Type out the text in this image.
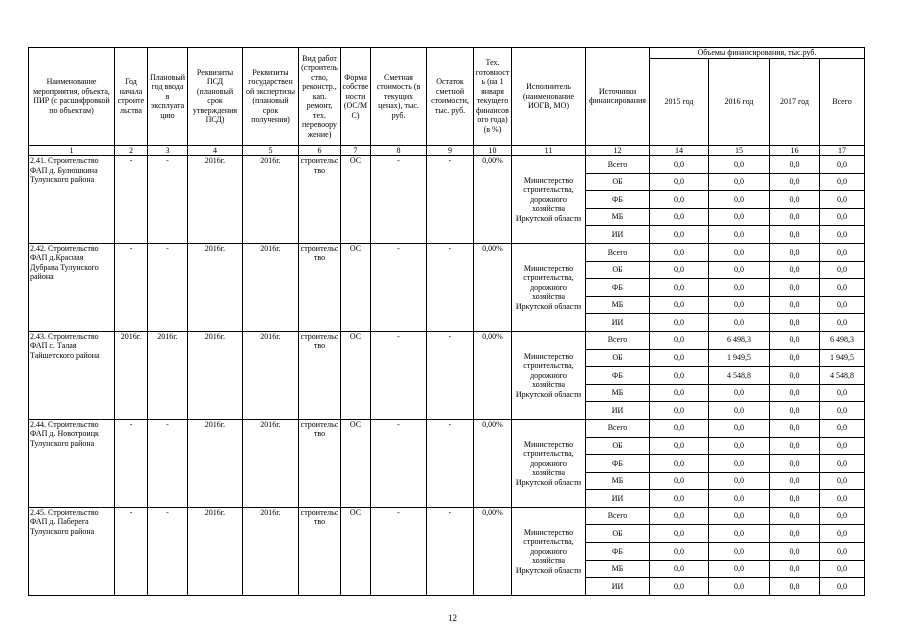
Наименование мероприятия, объекта, ПИР (с расшифровкой по объектам)	Год начала строите льства	Плановый год ввода в эксплуата цию	Реквизиты ПСД (плановый срок утверждения ПСД)	Реквизиты государствен ой экспертизы (плановый срок получения)	Вид работ (строитель ство, реконстр., кап. ремонт, тех. перевоору жение)	Форма собстве ности (ОС/М С)	Сметная стоимость (в текущих ценах), тыс. руб.	Остаток сметной стоимости, тыс. руб.	Тех. готовност ь (на 1 января текущего финансов ого года) (в %)	Исполнитель (наименование ИОГВ, МО)	Источники финансирования	Объемы финансирования, тыс.руб.			
												2015 год	2016 год	2017 год	Всего
1	2	3	4	5	6	7	8	9	10	11	12	14	15	16	17
2.41. Строительство ФАП д. Булюшкина Тулунского района	-	-	2016г.	2016г.	строительс тво	ОС	-	-	0,00%	Министерство строительства, дорожного хозяйства Иркутской области	Всего	0,0	0,0	0,0	0,0
											ОБ	0,0	0,0	0,0	0,0
											ФБ	0,0	0,0	0,0	0,0
											МБ	0,0	0,0	0,0	0,0
											ИИ	0,0	0,0	0,0	0,0
2.42. Строительство ФАП д.Красная Дубрава Тулунского района	-	-	2016г.	2016г.	строительс тво	ОС	-	-	0,00%	Министерство строительства, дорожного хозяйства Иркутской области	Всего	0,0	0,0	0,0	0,0
											ОБ	0,0	0,0	0,0	0,0
											ФБ	0,0	0,0	0,0	0,0
											МБ	0,0	0,0	0,0	0,0
											ИИ	0,0	0,0	0,0	0,0
2.43. Строительство ФАП с. Талая Тайшетского района	2016г.	2016г.	2016г.	2016г.	строительс тво	ОС	-	-	0,00%	Министерство строительства, дорожного хозяйства Иркутской области	Всего	0,0	6 498,3	0,0	6 498,3
											ОБ	0,0	1 949,5	0,0	1 949,5
											ФБ	0,0	4 548,8	0,0	4 548,8
											МБ	0,0	0,0	0,0	0,0
											ИИ	0,0	0,0	0,0	0,0
2.44. Строительство ФАП д. Новотроицк Тулунского района	-	-	2016г.	2016г.	строительс тво	ОС	-	-	0,00%	Министерство строительства, дорожного хозяйства Иркутской области	Всего	0,0	0,0	0,0	0,0
											ОБ	0,0	0,0	0,0	0,0
											ФБ	0,0	0,0	0,0	0,0
											МБ	0,0	0,0	0,0	0,0
											ИИ	0,0	0,0	0,0	0,0
2.45. Строительство ФАП д. Паберега Тулунского района	-	-	2016г.	2016г.	строительс тво	ОС	-	-	0,00%	Министерство строительства, дорожного хозяйства Иркутской области	Всего	0,0	0,0	0,0	0,0
											ОБ	0,0	0,0	0,0	0,0
											ФБ	0,0	0,0	0,0	0,0
											МБ	0,0	0,0	0,0	0,0
											ИИ	0,0	0,0	0,0	0,0
12
